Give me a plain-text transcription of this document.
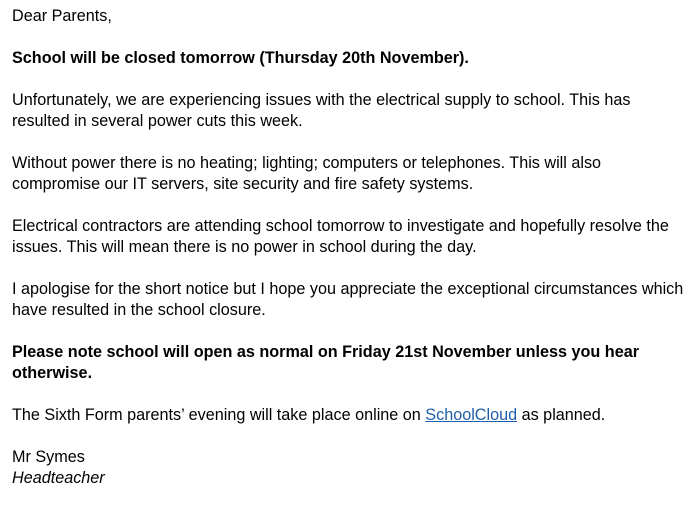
Dear Parents,

School will be closed tomorrow (Thursday 20th November).

Unfortunately, we are experiencing issues with the electrical supply to school. This has resulted in several power cuts this week.

Without power there is no heating; lighting; computers or telephones. This will also compromise our IT servers, site security and fire safety systems.

Electrical contractors are attending school tomorrow to investigate and hopefully resolve the issues. This will mean there is no power in school during the day.

I apologise for the short notice but I hope you appreciate the exceptional circumstances which have resulted in the school closure.

Please note school will open as normal on Friday 21st November unless you hear otherwise.

The Sixth Form parents’ evening will take place online on SchoolCloud as planned.

Mr Symes

Headteacher
